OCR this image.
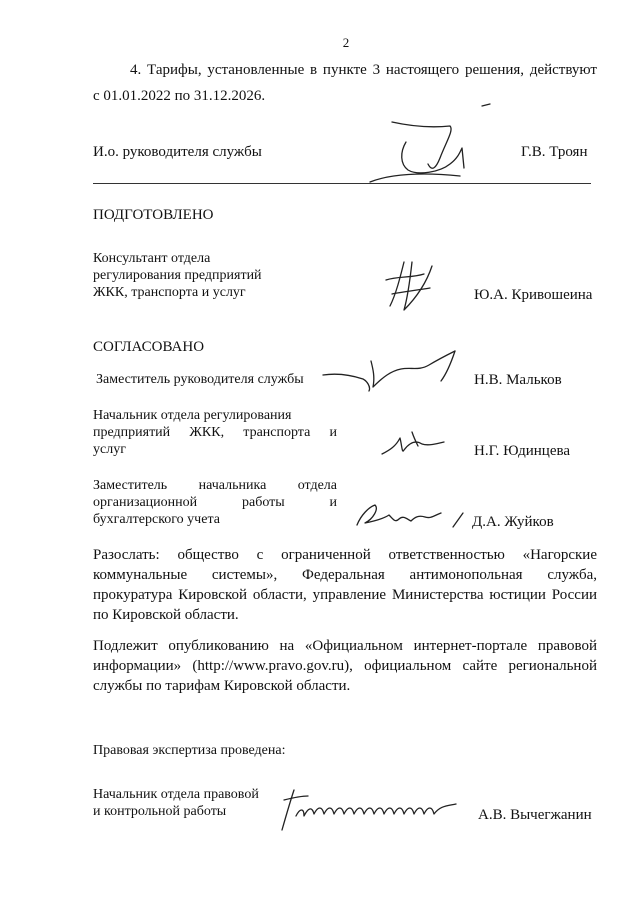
2
4. Тарифы, установленные в пункте 3 настоящего решения, действуют
с 01.01.2022 по 31.12.2026.
И.о. руководителя службы	Г.В. Троян
ПОДГОТОВЛЕНО
Консультант отдела
регулирования предприятий
ЖКК, транспорта и услуг	Ю.А. Кривошеина
СОГЛАСОВАНО
Заместитель руководителя службы	Н.В. Мальков
Начальник отдела регулирования
предприятий ЖКК, транспорта и
услуг	Н.Г. Юдинцева
Заместитель начальника отдела
организационной работы и
бухгалтерского учета	Д.А. Жуйков
Разослать: общество с ограниченной ответственностью «Нагорские
коммунальные системы», Федеральная антимонопольная служба,
прокуратура Кировской области, управление Министерства юстиции России
по Кировской области.
Подлежит опубликованию на «Официальном интернет-портале правовой
информации» (http://www.pravo.gov.ru), официальном сайте региональной
службы по тарифам Кировской области.
Правовая экспертиза проведена:
Начальник отдела правовой
и контрольной работы	А.В. Вычегжанин
